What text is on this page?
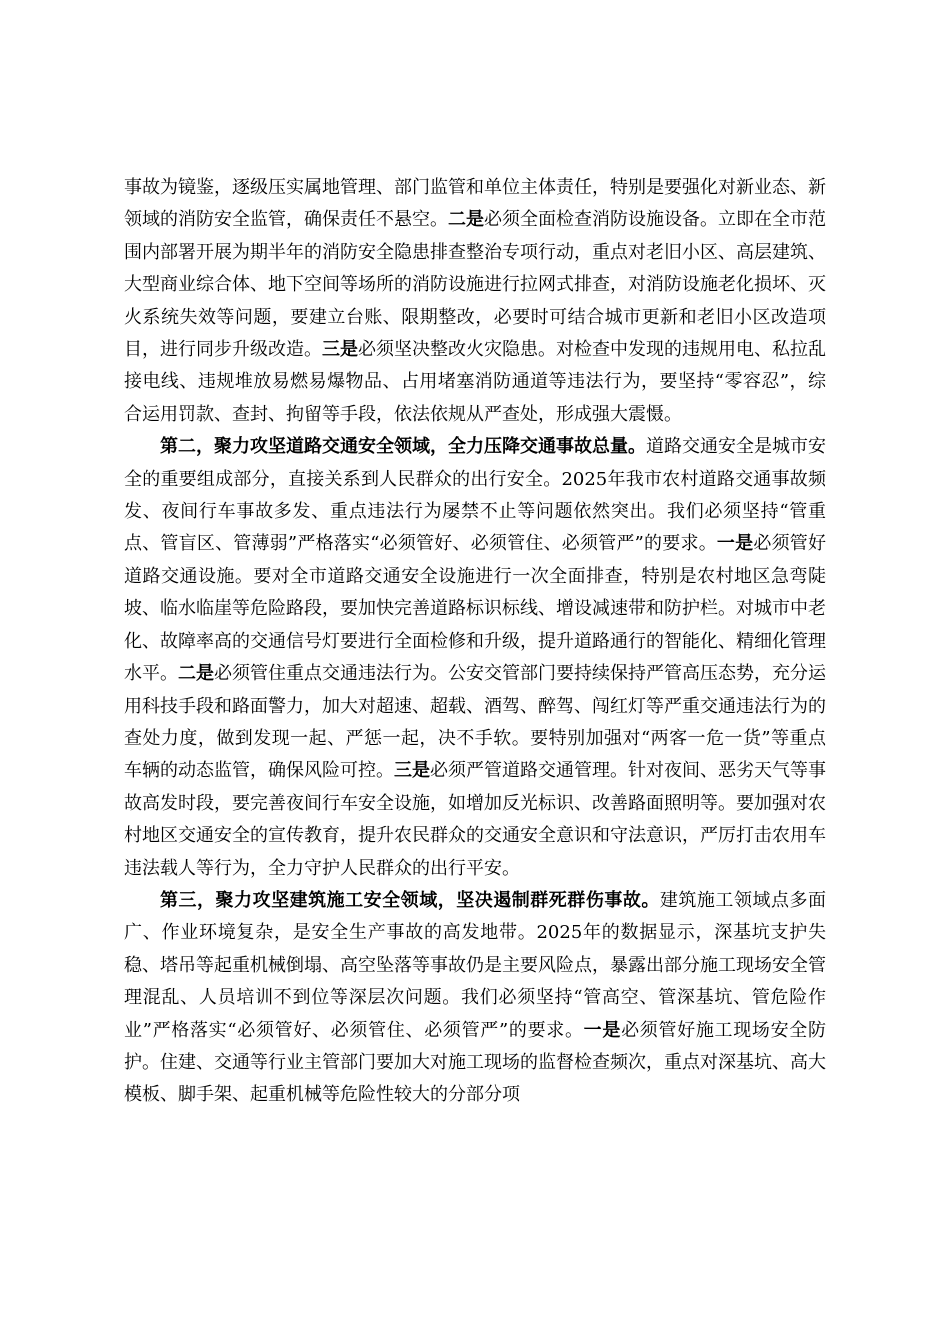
事故为镜鉴，逐级压实属地管理、部门监管和单位主体责任，特别是要强化对新业态、新领域的消防安全监管，确保责任不悬空。二是必须全面检查消防设施设备。立即在全市范围内部署开展为期半年的消防安全隐患排查整治专项行动，重点对老旧小区、高层建筑、大型商业综合体、地下空间等场所的消防设施进行拉网式排查，对消防设施老化损坏、灭火系统失效等问题，要建立台账、限期整改，必要时可结合城市更新和老旧小区改造项目，进行同步升级改造。三是必须坚决整改火灾隐患。对检查中发现的违规用电、私拉乱接电线、违规堆放易燃易爆物品、占用堵塞消防通道等违法行为，要坚持“零容忍”，综合运用罚款、查封、拘留等手段，依法依规从严查处，形成强大震慑。

第二，聚力攻坚道路交通安全领域，全力压降交通事故总量。道路交通安全是城市安全的重要组成部分，直接关系到人民群众的出行安全。2025年我市农村道路交通事故频发、夜间行车事故多发、重点违法行为屡禁不止等问题依然突出。我们必须坚持“管重点、管盲区、管薄弱”严格落实“必须管好、必须管住、必须管严”的要求。一是必须管好道路交通设施。要对全市道路交通安全设施进行一次全面排查，特别是农村地区急弯陡坡、临水临崖等危险路段，要加快完善道路标识标线、增设减速带和防护栏。对城市中老化、故障率高的交通信号灯要进行全面检修和升级，提升道路通行的智能化、精细化管理水平。二是必须管住重点交通违法行为。公安交管部门要持续保持严管高压态势，充分运用科技手段和路面警力，加大对超速、超载、酒驾、醉驾、闯红灯等严重交通违法行为的查处力度，做到发现一起、严惩一起，决不手软。要特别加强对“两客一危一货”等重点车辆的动态监管，确保风险可控。三是必须严管道路交通管理。针对夜间、恶劣天气等事故高发时段，要完善夜间行车安全设施，如增加反光标识、改善路面照明等。要加强对农村地区交通安全的宣传教育，提升农民群众的交通安全意识和守法意识，严厉打击农用车违法载人等行为，全力守护人民群众的出行平安。

第三，聚力攻坚建筑施工安全领域，坚决遏制群死群伤事故。建筑施工领域点多面广、作业环境复杂，是安全生产事故的高发地带。2025年的数据显示，深基坑支护失稳、塔吊等起重机械倒塌、高空坠落等事故仍是主要风险点，暴露出部分施工现场安全管理混乱、人员培训不到位等深层次问题。我们必须坚持“管高空、管深基坑、管危险作业”严格落实“必须管好、必须管住、必须管严”的要求。一是必须管好施工现场安全防护。住建、交通等行业主管部门要加大对施工现场的监督检查频次，重点对深基坑、高大模板、脚手架、起重机械等危险性较大的分部分项
